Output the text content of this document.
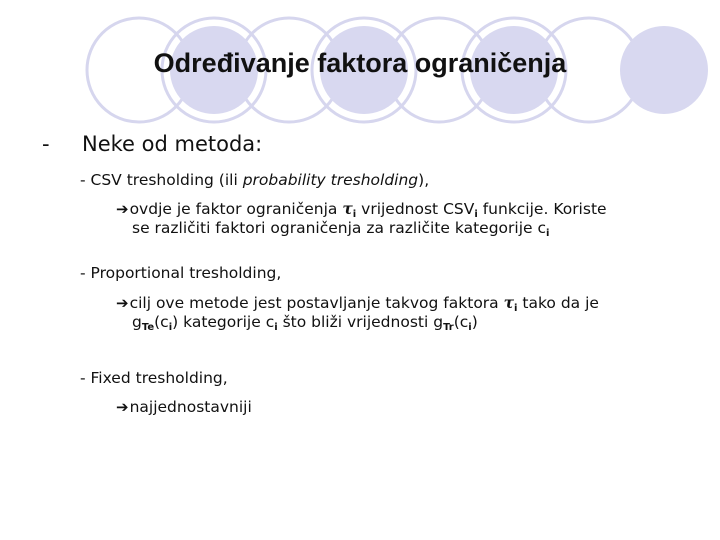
Određivanje faktora ograničenja
- Neke od metoda:
- CSV tresholding (ili probability tresholding),
➔ovdje je faktor ograničenja $\tau_i$ vrijednost $CSV_i$ funkcije. Koriste
se različiti faktori ograničenja za različite kategorije $c_i$
- Proportional tresholding,
➔cilj ove metode jest postavljanje takvog faktora $\tau_i$ tako da je
$g_{Te}(c_i)$ kategorije $c_i$ što bliži vrijednosti $g_{Tr}(c_i)$
- Fixed tresholding,
➔najjednostavniji
